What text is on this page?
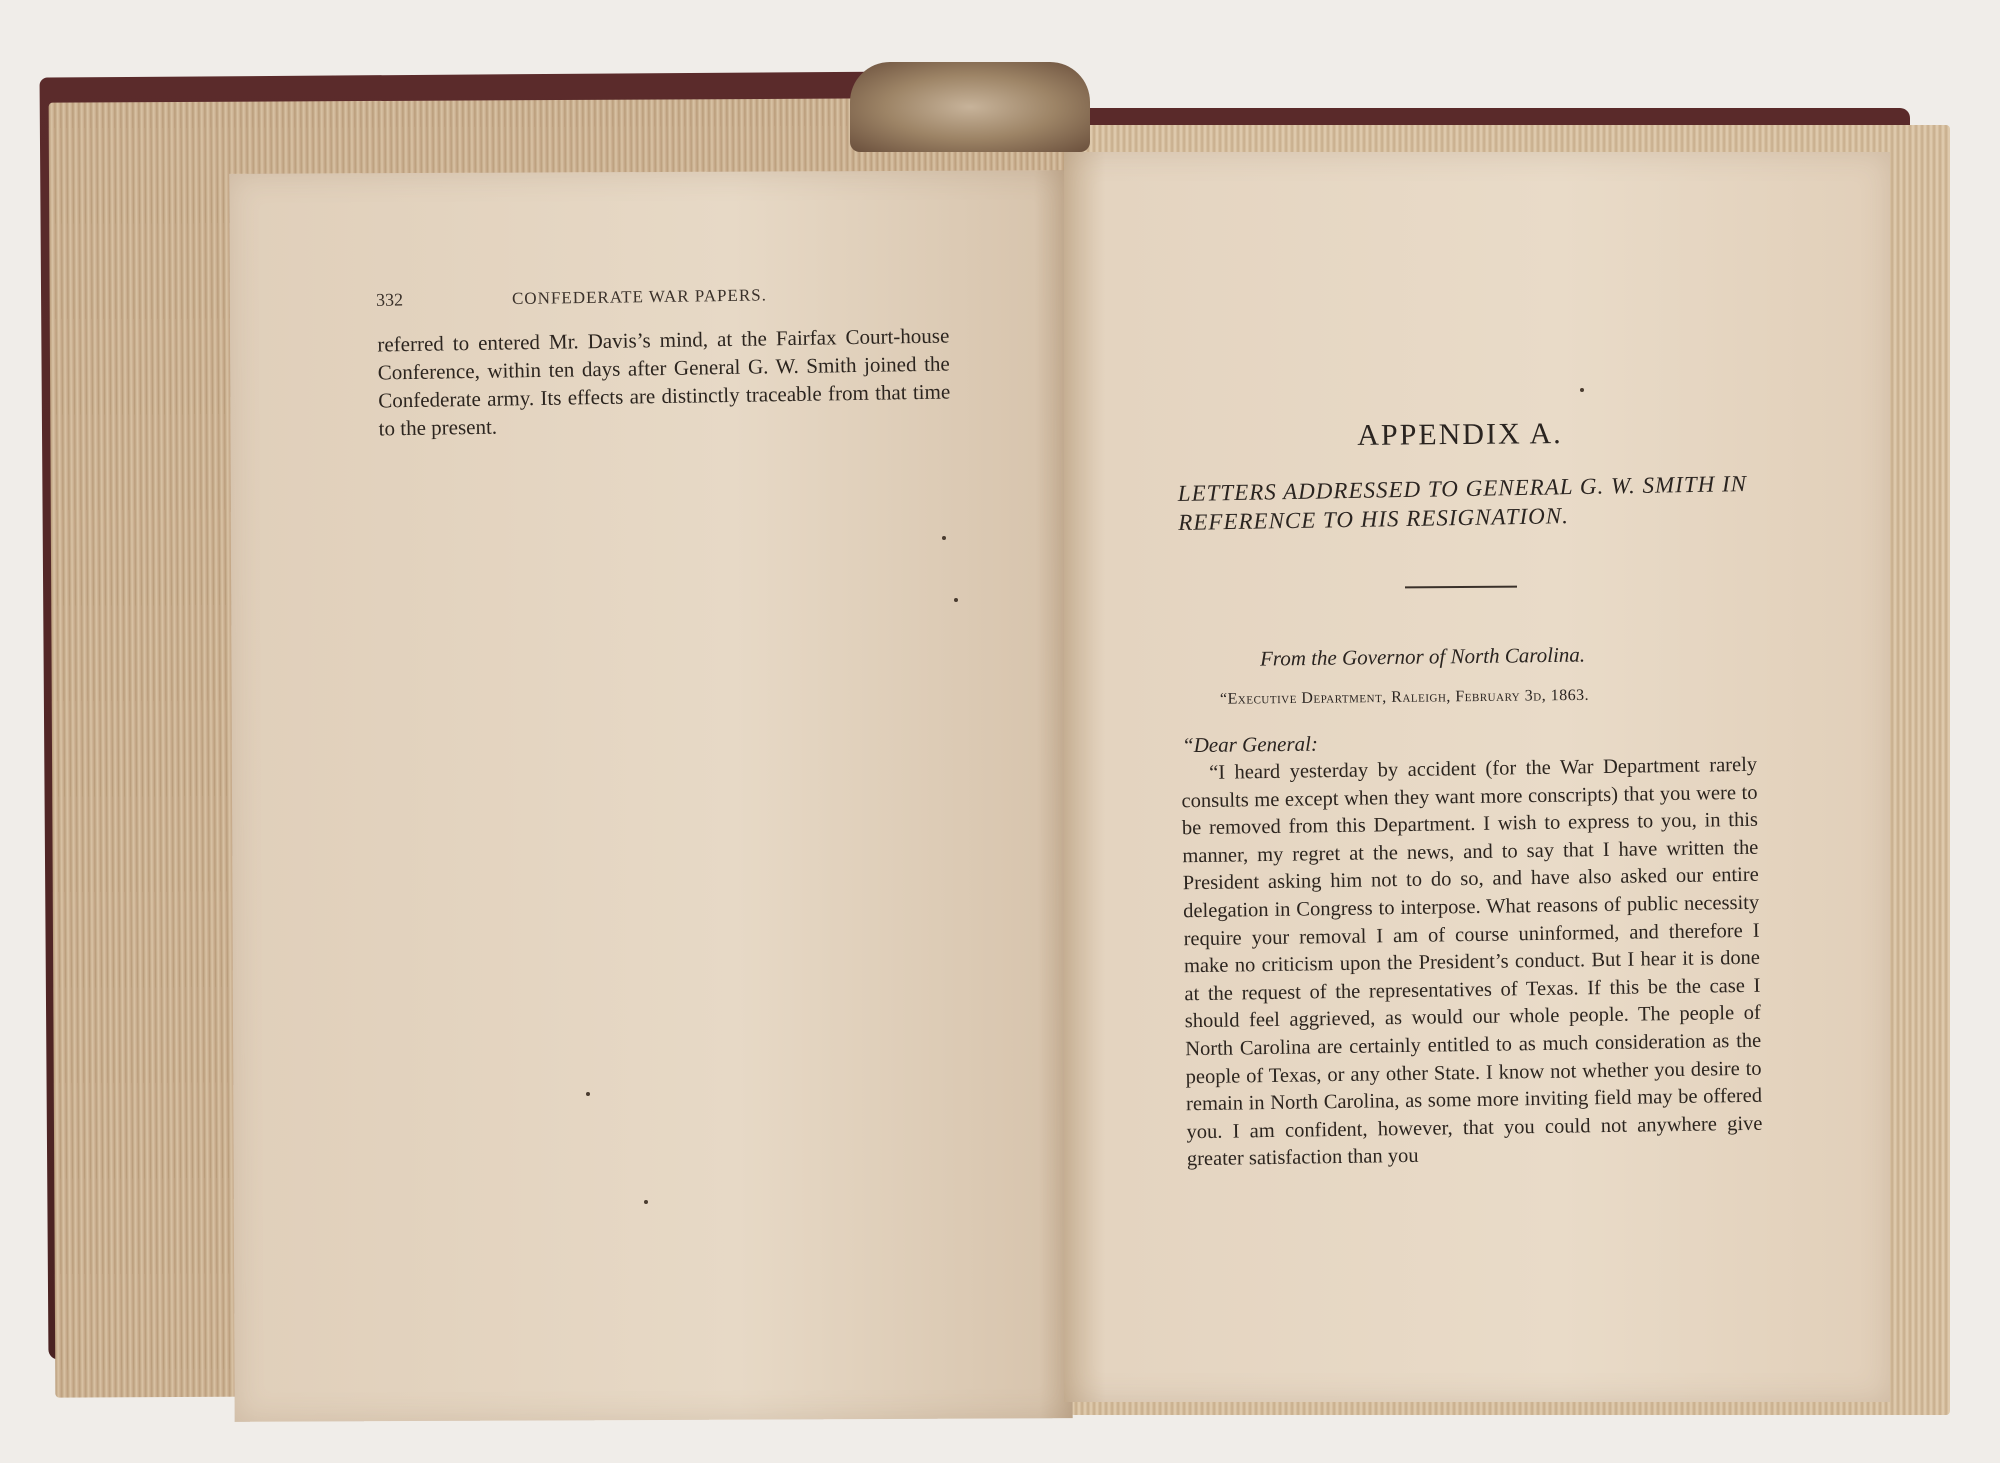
332	CONFEDERATE WAR PAPERS.

referred to entered Mr. Davis’s mind, at the Fairfax Court-house Conference, within ten days after General G. W. Smith joined the Confederate army. Its effects are distinctly traceable from that time to the present.	APPENDIX A.
LETTERS ADDRESSED TO GENERAL G. W. SMITH IN REFERENCE TO HIS RESIGNATION.
From the Governor of North Carolina.
“Executive Department, Raleigh, February 3d, 1863.
“Dear General:

“I heard yesterday by accident (for the War Department rarely consults me except when they want more conscripts) that you were to be removed from this Department. I wish to express to you, in this manner, my regret at the news, and to say that I have written the President asking him not to do so, and have also asked our entire delegation in Congress to interpose. What reasons of public necessity require your removal I am of course uninformed, and therefore I make no criticism upon the President’s conduct. But I hear it is done at the request of the representatives of Texas. If this be the case I should feel aggrieved, as would our whole people. The people of North Carolina are certainly entitled to as much consideration as the people of Texas, or any other State. I know not whether you desire to remain in North Carolina, as some more inviting field may be offered you. I am confident, however, that you could not anywhere give greater satisfaction than you
